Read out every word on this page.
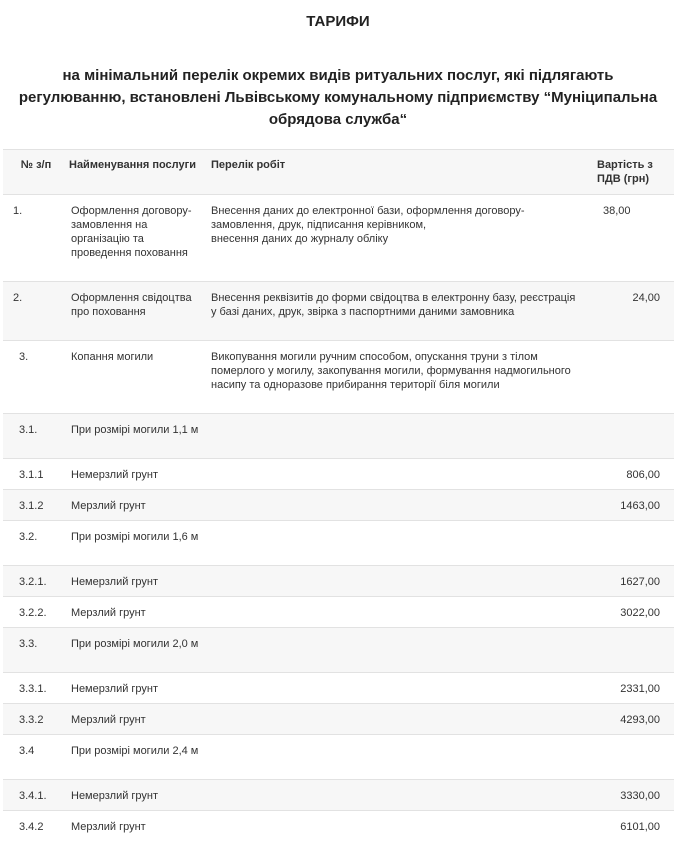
ТАРИФИ
на мінімальний перелік окремих видів ритуальних послуг, які підлягають регулюванню, встановлені Львівському комунальному підприємству “Муніципальна обрядова служба“
№ з/п	Найменування послуги	Перелік робіт	Вартість з ПДВ (грн)
1.	Оформлення договору-замовлення на організацію та проведення поховання	Внесення даних до електронної бази, оформлення договору-замовлення, друк, підписання керівником,
внесення даних до журналу обліку	38,00
2.	Оформлення свідоцтва про поховання	Внесення реквізитів до форми свідоцтва в електронну базу, реєстрація у базі даних, друк, звірка з паспортними даними замовника	24,00
3.	Копання могили	Викопування могили ручним способом, опускання труни з тілом померлого у могилу, закопування могили, формування надмогильного насипу та одноразове прибирання території біля могили	
3.1.	При розмірі могили 1,1 м		
3.1.1	Немерзлий грунт		806,00
3.1.2	Мерзлий грунт		1463,00
3.2.	При розмірі могили 1,6 м		
3.2.1.	Немерзлий грунт		1627,00
3.2.2.	Мерзлий грунт		3022,00
3.3.	При розмірі могили 2,0 м		
3.3.1.	Немерзлий грунт		2331,00
3.3.2	Мерзлий грунт		4293,00
3.4	При розмірі могили 2,4 м		
3.4.1.	Немерзлий грунт		3330,00
3.4.2	Мерзлий грунт		6101,00
